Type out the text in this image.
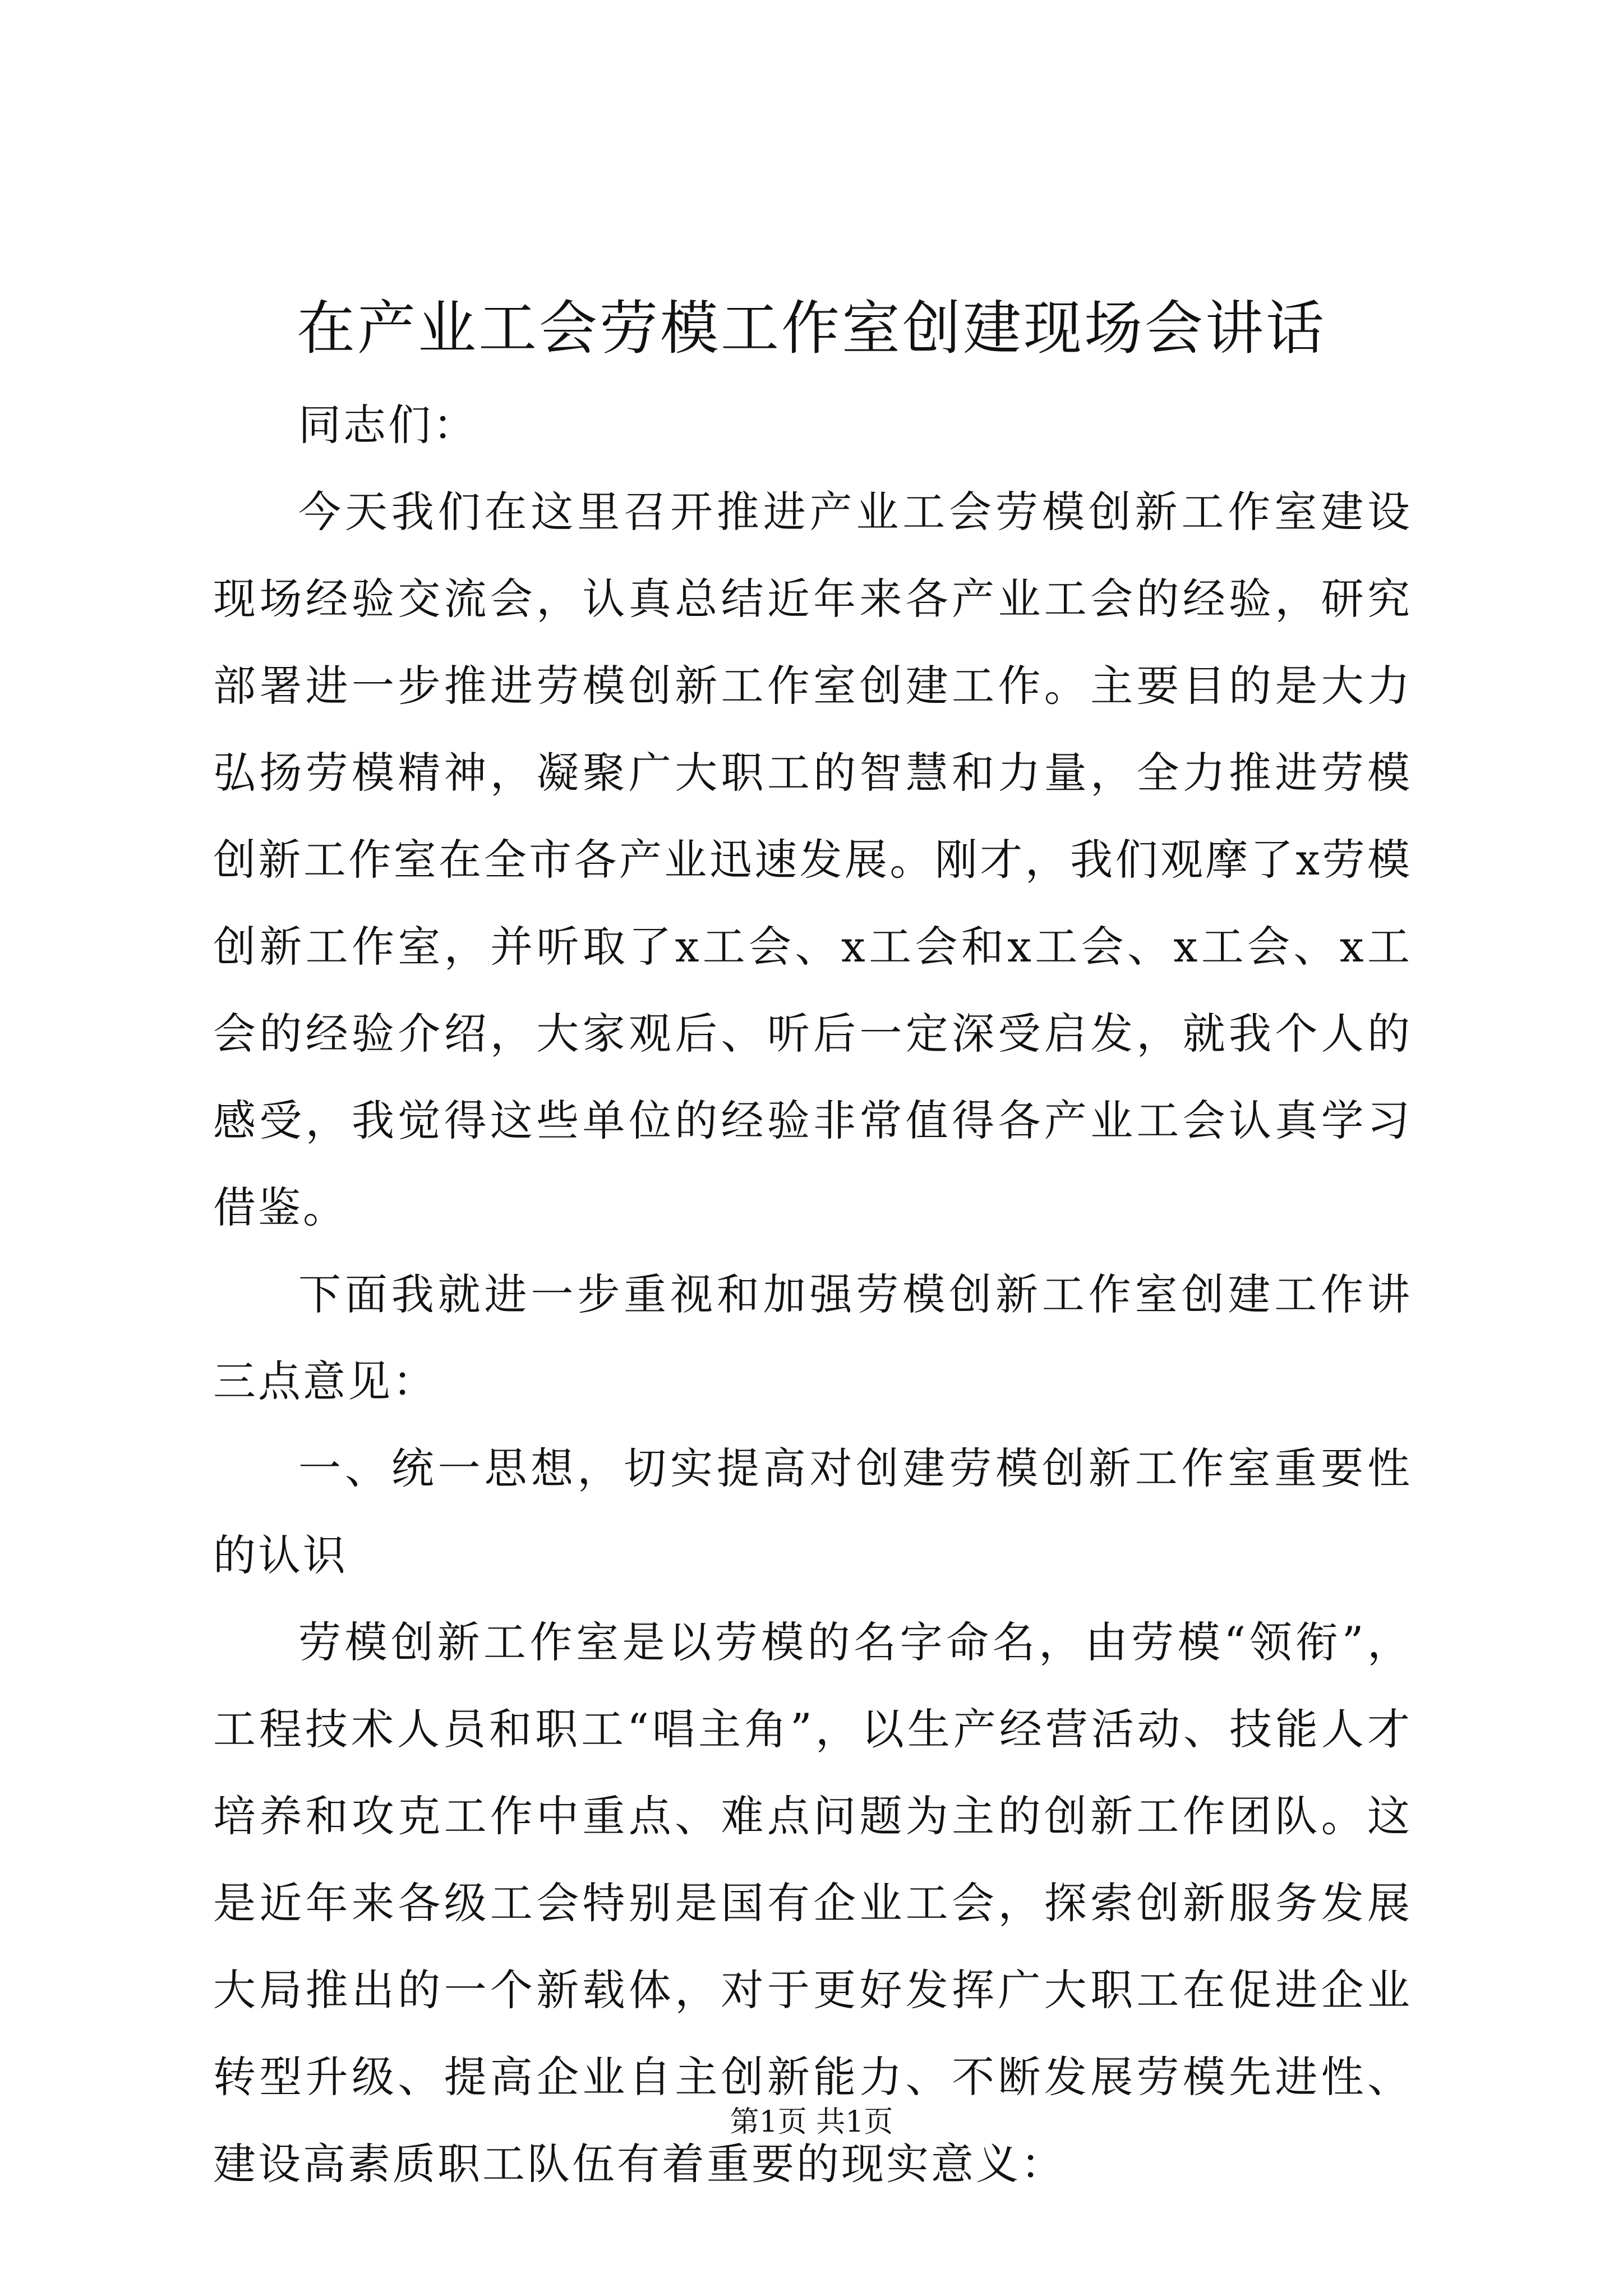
在产业工会劳模工作室创建现场会讲话

同志们：

今天我们在这里召开推进产业工会劳模创新工作室建设现场经验交流会，认真总结近年来各产业工会的经验，研究部署进一步推进劳模创新工作室创建工作。主要目的是大力弘扬劳模精神，凝聚广大职工的智慧和力量，全力推进劳模创新工作室在全市各产业迅速发展。刚才，我们观摩了x劳模创新工作室，并听取了x工会、x工会和x工会、x工会、x工会的经验介绍，大家观后、听后一定深受启发，就我个人的感受，我觉得这些单位的经验非常值得各产业工会认真学习借鉴。

下面我就进一步重视和加强劳模创新工作室创建工作讲三点意见：

一、统一思想，切实提高对创建劳模创新工作室重要性的认识

劳模创新工作室是以劳模的名字命名，由劳模“领衔”，工程技术人员和职工“唱主角”，以生产经营活动、技能人才培养和攻克工作中重点、难点问题为主的创新工作团队。这是近年来各级工会特别是国有企业工会，探索创新服务发展大局推出的一个新载体，对于更好发挥广大职工在促进企业转型升级、提高企业自主创新能力、不断发展劳模先进性、建设高素质职工队伍有着重要的现实意义：

第1页 共1页
